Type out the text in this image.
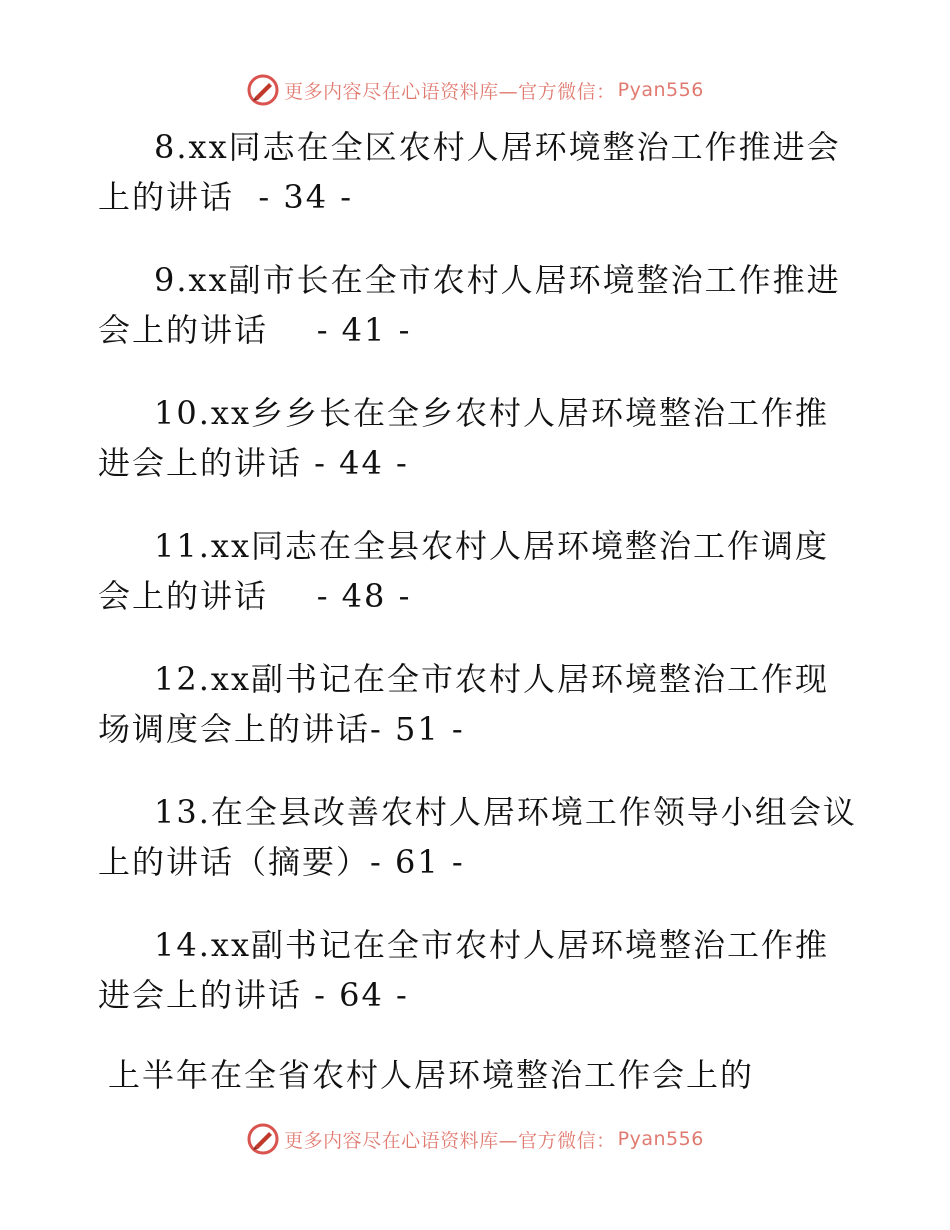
更多内容尽在心语资料库—官方微信： Pyan556
8.xx同志在全区农村人居环境整治工作推进会
上的讲话  - 34 -
9.xx副市长在全市农村人居环境整治工作推进
会上的讲话    - 41 -
10.xx乡乡长在全乡农村人居环境整治工作推
进会上的讲话 - 44 -
11.xx同志在全县农村人居环境整治工作调度
会上的讲话    - 48 -
12.xx副书记在全市农村人居环境整治工作现
场调度会上的讲话- 51 -
13.在全县改善农村人居环境工作领导小组会议
上的讲话（摘要）- 61 -
14.xx副书记在全市农村人居环境整治工作推
进会上的讲话 - 64 -
上半年在全省农村人居环境整治工作会上的
更多内容尽在心语资料库—官方微信： Pyan556
